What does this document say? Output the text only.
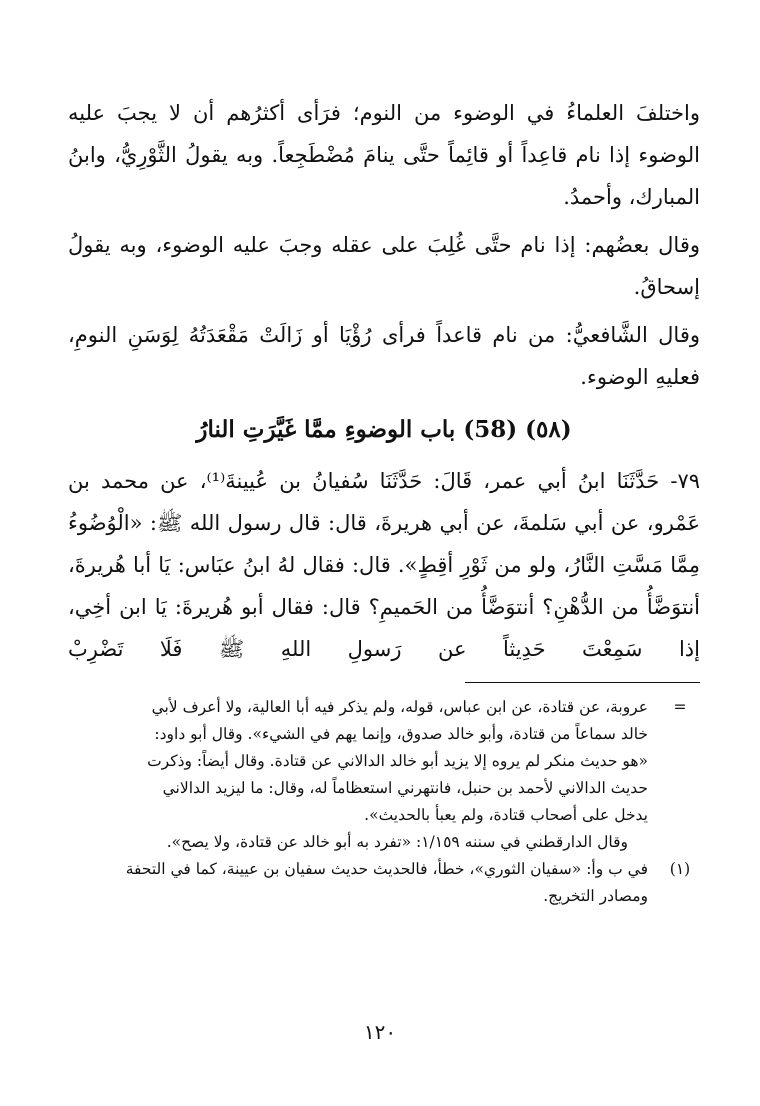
واختلفَ العلماءُ في الوضوء من النوم؛ فرَأى أكثرُهم أن لا يجبَ عليه الوضوء إذا نام قاعِداً أو قائِماً حتَّى ينامَ مُضْطَجِعاً. وبه يقولُ الثَّوْرِيُّ، وابنُ المبارك، وأحمدُ.

وقال بعضُهم: إذا نام حتَّى غُلِبَ على عقله وجبَ عليه الوضوء، وبه يقولُ إسحاقُ.

وقال الشَّافعيُّ: من نام قاعداً فرأى رُؤْيَا أو زَالَتْ مَقْعَدَتُهُ لِوَسَنِ النومِ، فعليهِ الوضوء.

(٥٨) (58) باب الوضوءِ ممَّا غَيَّرَتِ النارُ

٧٩- حَدَّثَنَا ابنُ أبي عمر، قَالَ: حَدَّثَنَا سُفيانُ بن عُيينةَ⁽¹⁾، عن محمد بن عَمْرو، عن أبي سَلمةَ، عن أبي هريرةَ، قال: قال رسول الله ﷺ: «الْوُضُوءُ مِمَّا مَسَّتِ النَّارُ، ولو من ثَوْرِ أقِطٍ». قال: فقال لهُ ابنُ عبَاس: يَا أبا هُريرةَ، أنتوَضَّأُ من الدُّهْنِ؟ أنتوَضَّأُ من الحَميمِ؟ قال: فقال أبو هُريرةَ: يَا ابن أخِي، إذا سَمِعْتَ حَدِيثاً عن رَسولِ اللهِ ﷺ فَلَا تَضْرِبْ

=
عروبة، عن قتادة، عن ابن عباس، قوله، ولم يذكر فيه أبا العالية، ولا أعرف لأبي
خالد سماعاً من قتادة، وأبو خالد صدوق، وإنما يهم في الشيء». وقال أبو داود:
«هو حديث منكر لم يروه إلا يزيد أبو خالد الدالاني عن قتادة. وقال أيضاً: وذكرت
حديث الدالاني لأحمد بن حنبل، فانتهرني استعظاماً له، وقال: ما ليزيد الدالاني
يدخل على أصحاب قتادة، ولم يعبأ بالحديث».
وقال الدارقطني في سننه ١/١٥٩: «تفرد به أبو خالد عن قتادة، ولا يصح».
(١)
في ب وأ: «سفيان الثوري»، خطأ، فالحديث حديث سفيان بن عيينة، كما في التحفة
ومصادر التخريج.
١٢٠
